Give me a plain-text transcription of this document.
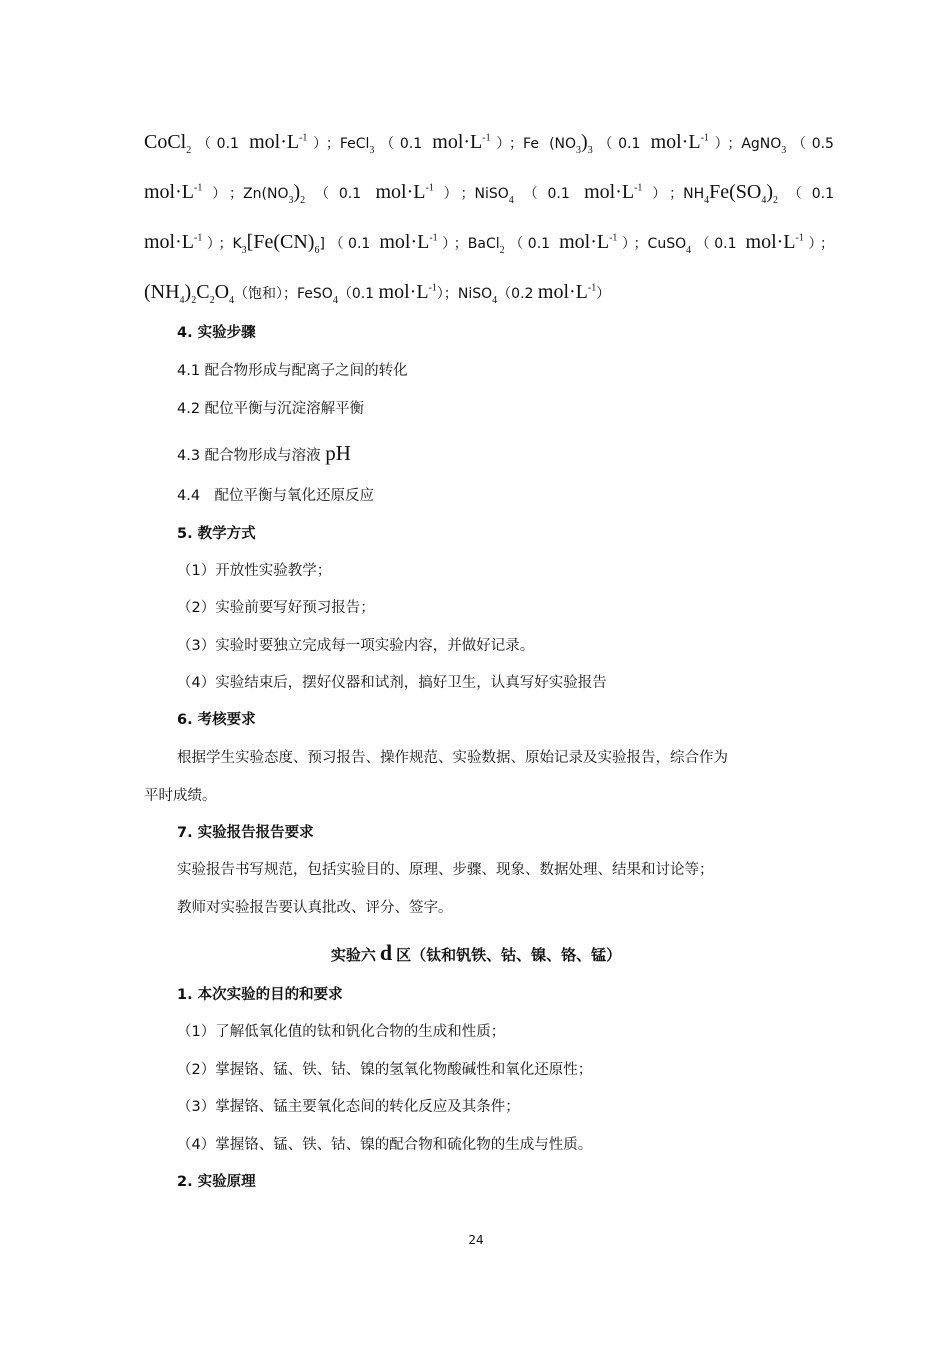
CoCl$_2$（0.1 $mol\cdot L^{-1}$）；FeCl$_3$（0.1 $mol\cdot L^{-1}$）；Fe $(NO_3)_3(0.1$ $mol\cdot L^{-1}$）；AgNO$_3$（0.5
$mol\cdot L^{-1}$）；$Zn(NO_3)_2(0.1$ $mol\cdot L^{-1}$）；NiSO$_4$（0.1 $mol\cdot L^{-1}$）；$NH_4Fe(SO_4)_2(0.1$
$mol\cdot L^{-1}$）；$K_3[Fe(CN)_6](0.1$ $mol\cdot L^{-1}$）；BaCl$_2$（0.1 $mol\cdot L^{-1}$）；CuSO$_4$（0.1 $mol\cdot L^{-1}$）；
$(NH_4)_2C_2O_4$（饱和）；FeSO$_4$（0.1 $mol\cdot L^{-1}$）；NiSO$_4$（0.2 $mol\cdot L^{-1}$）
4. 实验步骤
4.1 配合物形成与配离子之间的转化
4.2 配位平衡与沉淀溶解平衡
4.3 配合物形成与溶液 pH
4.4　配位平衡与氧化还原反应
5. 教学方式
（1）开放性实验教学；
（2）实验前要写好预习报告；
（3）实验时要独立完成每一项实验内容，并做好记录。
（4）实验结束后，摆好仪器和试剂，搞好卫生，认真写好实验报告
6. 考核要求
根据学生实验态度、预习报告、操作规范、实验数据、原始记录及实验报告，综合作为
平时成绩。
7. 实验报告报告要求
实验报告书写规范，包括实验目的、原理、步骤、现象、数据处理、结果和讨论等；
教师对实验报告要认真批改、评分、签字。
实验六 d 区（钛和钒铁、钴、镍、铬、锰）
1. 本次实验的目的和要求
（1）了解低氧化值的钛和钒化合物的生成和性质；
（2）掌握铬、锰、铁、钴、镍的氢氧化物酸碱性和氧化还原性；
（3）掌握铬、锰主要氧化态间的转化反应及其条件；
（4）掌握铬、锰、铁、钴、镍的配合物和硫化物的生成与性质。
2. 实验原理
24
